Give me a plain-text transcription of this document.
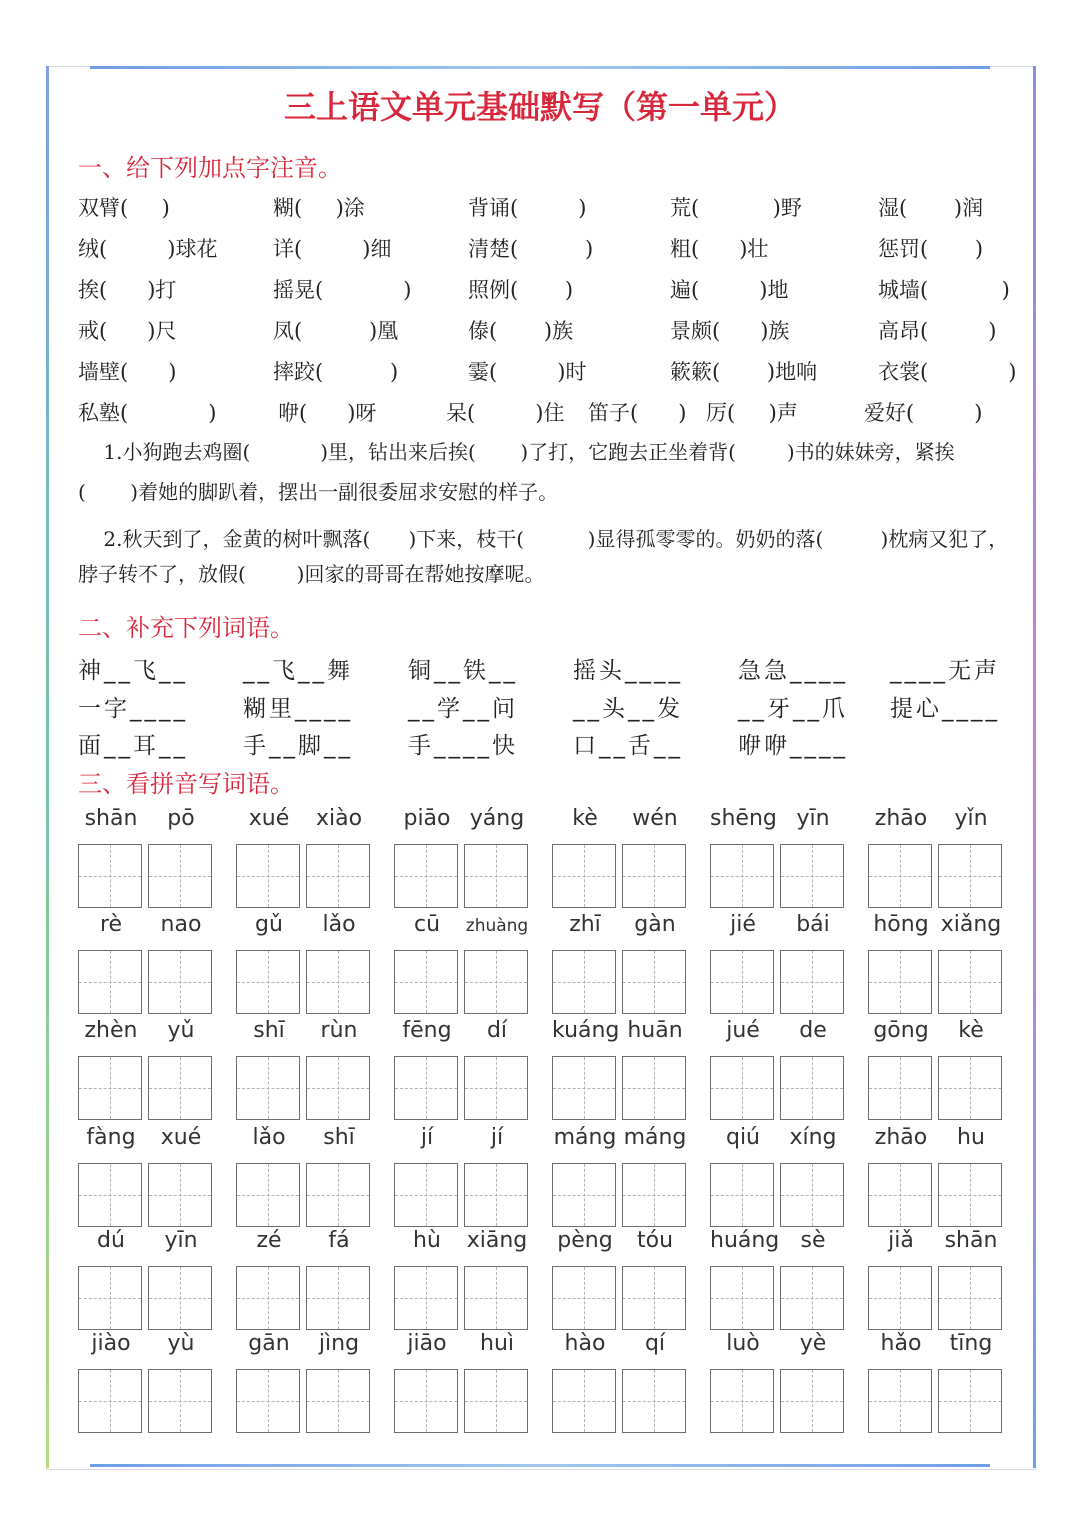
三上语文单元基础默写（第一单元）
一、给下列加点字注音。
双臂(     )	糊(     )涂	背诵(         )	荒(           )野	湿(       )润
绒(         )球花	详(         )细	清楚(          )	粗(      )壮	惩罚(       )
挨(      )打	摇晃(            )	照例(       )	遍(         )地	城墙(           )
戒(      )尺	凤(          )凰	傣(       )族	景颇(      )族	高昂(         )
墙壁(      )	摔跤(          )	霎(         )时	簌簌(       )地响	衣裳(            )
私塾(            )	咿(      )呀	呆(         )住 笛子(      ) 厉(     )声	爱好(         )
1.小狗跑去鸡圈(           )里，钻出来后挨(       )了打，它跑去正坐着背(        )书的妹妹旁，紧挨
(       )着她的脚趴着，摆出一副很委屈求安慰的样子。
2.秋天到了，金黄的树叶飘落(      )下来，枝干(          )显得孤零零的。奶奶的落(         )枕病又犯了，
脖子转不了，放假(        )回家的哥哥在帮她按摩呢。
二、补充下列词语。
神__飞__ __飞__舞 铜__铁__ 摇头____ 急急____ ____无声
一字____ 糊里____ __学__问 __头__发 __牙__爪 提心____
面__耳__ 手__脚__ 手____快 口__舌__ 咿咿____
三、看拼音写词语。
shān	pō	xué	xiào	piāo yáng	kè	wén	shēng yīn	zhāo	yǐn
rè	nao	gǔ	lǎo	cū	zhuàng	zhī	gàn	jié	bái	hōng xiǎng
zhèn	yǔ	shī	rùn	fēng	dí	kuáng huān	jué	de	gōng	kè
fàng	xué	lǎo	shī	jí	jí	máng máng	qiú	xíng	zhāo	hu
dú	yīn	zé	fá	hù	xiāng pèng	tóu	huáng sè	jiǎ	shān
jiào	yù	gān	jìng	jiāo	huì	hào	qí	luò	yè	hǎo	tīng
